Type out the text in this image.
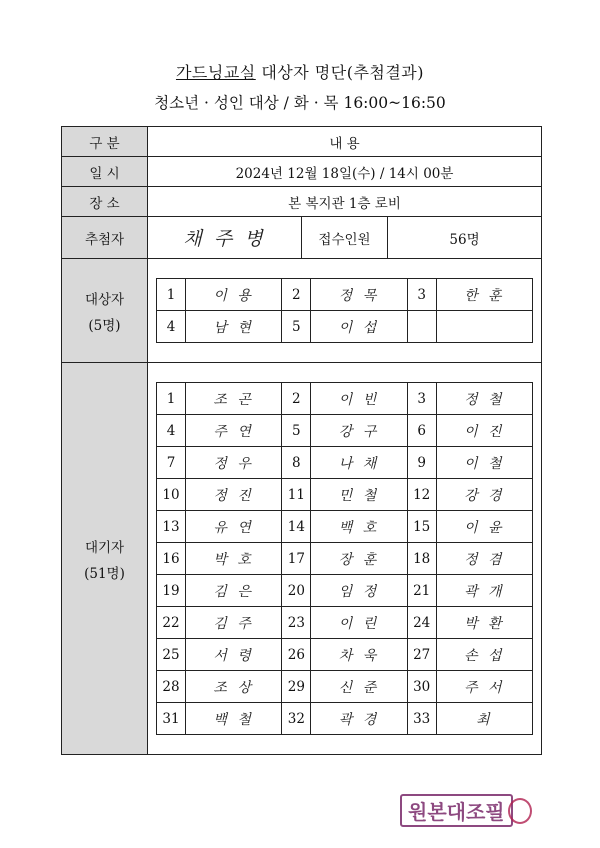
가드닝교실 대상자 명단(추첨결과)
청소년 · 성인 대상 / 화 · 목 16:00~16:50
구 분	내 용
일 시	2024년 12월 18일(수) / 14시 00분
장 소	본 복지관 1층 로비
추첨자	채 주 병	접수인원	56명

대상자
(5명)

1	이 용	2	정 목	3	한 훈
4	남 현	5	이 섭		

대기자
(51명)

1	조 곤	2	이 빈	3	정 철
4	주 연	5	강 구	6	이 진
7	정 우	8	나 채	9	이 철
10	정 진	11	민 철	12	강 경
13	유 연	14	백 호	15	이 윤
16	박 호	17	장 훈	18	정 겸
19	김 은	20	임 정	21	곽 개
22	김 주	23	이 린	24	박 환
25	서 령	26	차 욱	27	손 섭
28	조 상	29	신 준	30	주 서
31	백 철	32	곽 경	33	최
원본대조필
